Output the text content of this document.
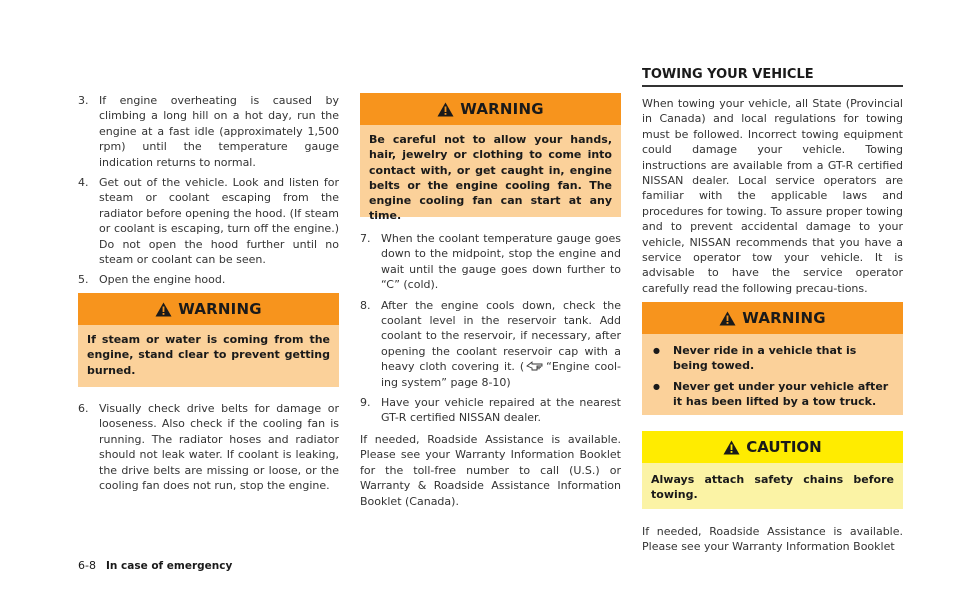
3. If engine overheating is caused by climbing a long hill on a hot day, run the engine at a fast idle (approximately 1,500 rpm) until the temperature gauge indication returns to normal.
4. Get out of the vehicle. Look and listen for steam or coolant escaping from the radiator before opening the hood. (If steam or coolant is escaping, turn off the engine.) Do not open the hood further until no steam or coolant can be seen.
5. Open the engine hood.
WARNING
If steam or water is coming from the engine, stand clear to prevent getting burned.
6. Visually check drive belts for damage or looseness. Also check if the cooling fan is running. The radiator hoses and radiator should not leak water. If coolant is leaking, the drive belts are missing or loose, or the cooling fan does not run, stop the engine.
WARNING
Be careful not to allow your hands, hair, jewelry or clothing to come into contact with, or get caught in, engine belts or the engine cooling fan. The engine cooling fan can start at any time.
7. When the coolant temperature gauge goes down to the midpoint, stop the engine and wait until the gauge goes down further to “C” (cold).
8. After the engine cools down, check the coolant level in the reservoir tank. Add coolant to the reservoir, if necessary, after opening the coolant reservoir cap with a heavy cloth covering it. ( “Engine cool-ing system” page 8-10)
9. Have your vehicle repaired at the nearest GT-R certified NISSAN dealer.

If needed, Roadside Assistance is available. Please see your Warranty Information Booklet for the toll-free number to call (U.S.) or Warranty & Roadside Assistance Information Booklet (Canada).

TOWING YOUR VEHICLE

When towing your vehicle, all State (Provincial in Canada) and local regulations for towing must be followed. Incorrect towing equipment could damage your vehicle. Towing instructions are available from a GT-R certified NISSAN dealer. Local service operators are familiar with the applicable laws and procedures for towing. To assure proper towing and to prevent accidental damage to your vehicle, NISSAN recommends that you have a service operator tow your vehicle. It is advisable to have the service operator carefully read the following precau-tions.

WARNING
● Never ride in a vehicle that is being towed.
● Never get under your vehicle after it has been lifted by a tow truck.
CAUTION
Always attach safety chains before towing.

If needed, Roadside Assistance is available. Please see your Warranty Information Booklet

6-8 In case of emergency
